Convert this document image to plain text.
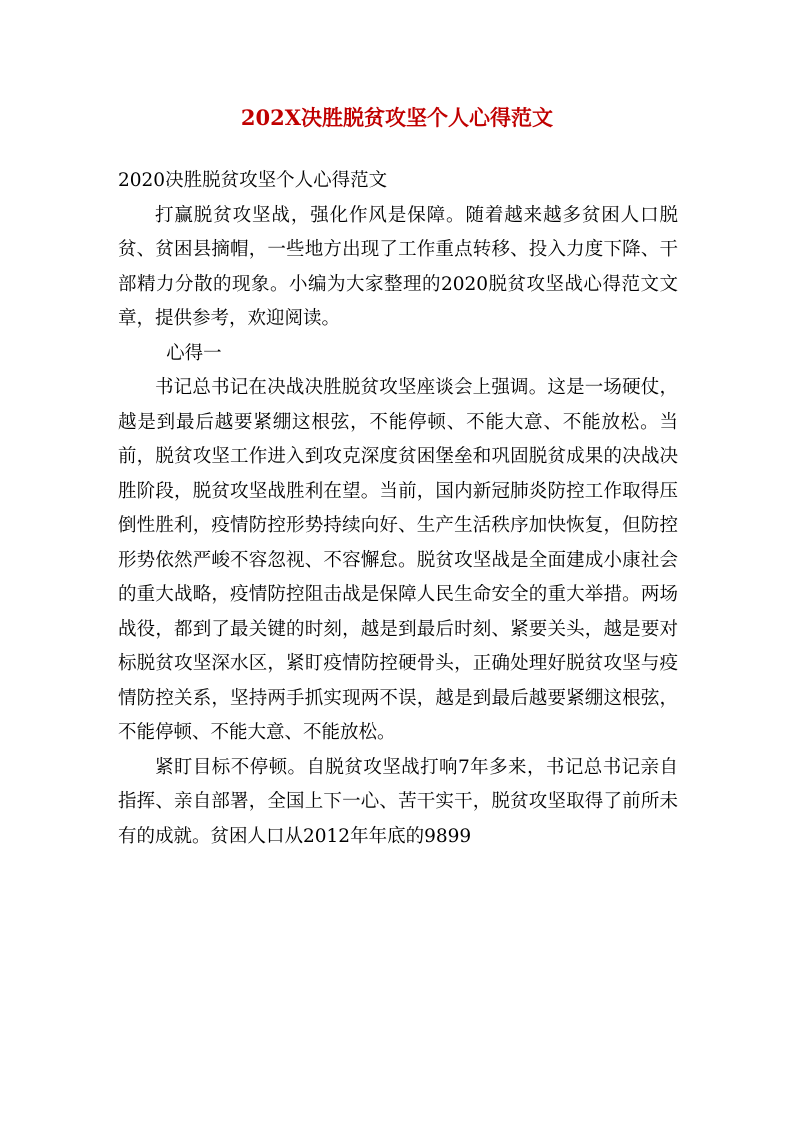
202X决胜脱贫攻坚个人心得范文

2020决胜脱贫攻坚个人心得范文

打赢脱贫攻坚战，强化作风是保障。随着越来越多贫困人口脱贫、贫困县摘帽，一些地方出现了工作重点转移、投入力度下降、干部精力分散的现象。小编为大家整理的2020脱贫攻坚战心得范文文章，提供参考，欢迎阅读。

心得一

书记总书记在决战决胜脱贫攻坚座谈会上强调。这是一场硬仗，越是到最后越要紧绷这根弦，不能停顿、不能大意、不能放松。当前，脱贫攻坚工作进入到攻克深度贫困堡垒和巩固脱贫成果的决战决胜阶段，脱贫攻坚战胜利在望。当前，国内新冠肺炎防控工作取得压倒性胜利，疫情防控形势持续向好、生产生活秩序加快恢复，但防控形势依然严峻不容忽视、不容懈怠。脱贫攻坚战是全面建成小康社会的重大战略，疫情防控阻击战是保障人民生命安全的重大举措。两场战役，都到了最关键的时刻，越是到最后时刻、紧要关头，越是要对标脱贫攻坚深水区，紧盯疫情防控硬骨头，正确处理好脱贫攻坚与疫情防控关系，坚持两手抓实现两不误，越是到最后越要紧绷这根弦，不能停顿、不能大意、不能放松。

紧盯目标不停顿。自脱贫攻坚战打响7年多来，书记总书记亲自指挥、亲自部署，全国上下一心、苦干实干，脱贫攻坚取得了前所未有的成就。贫困人口从2012年年底的9899
